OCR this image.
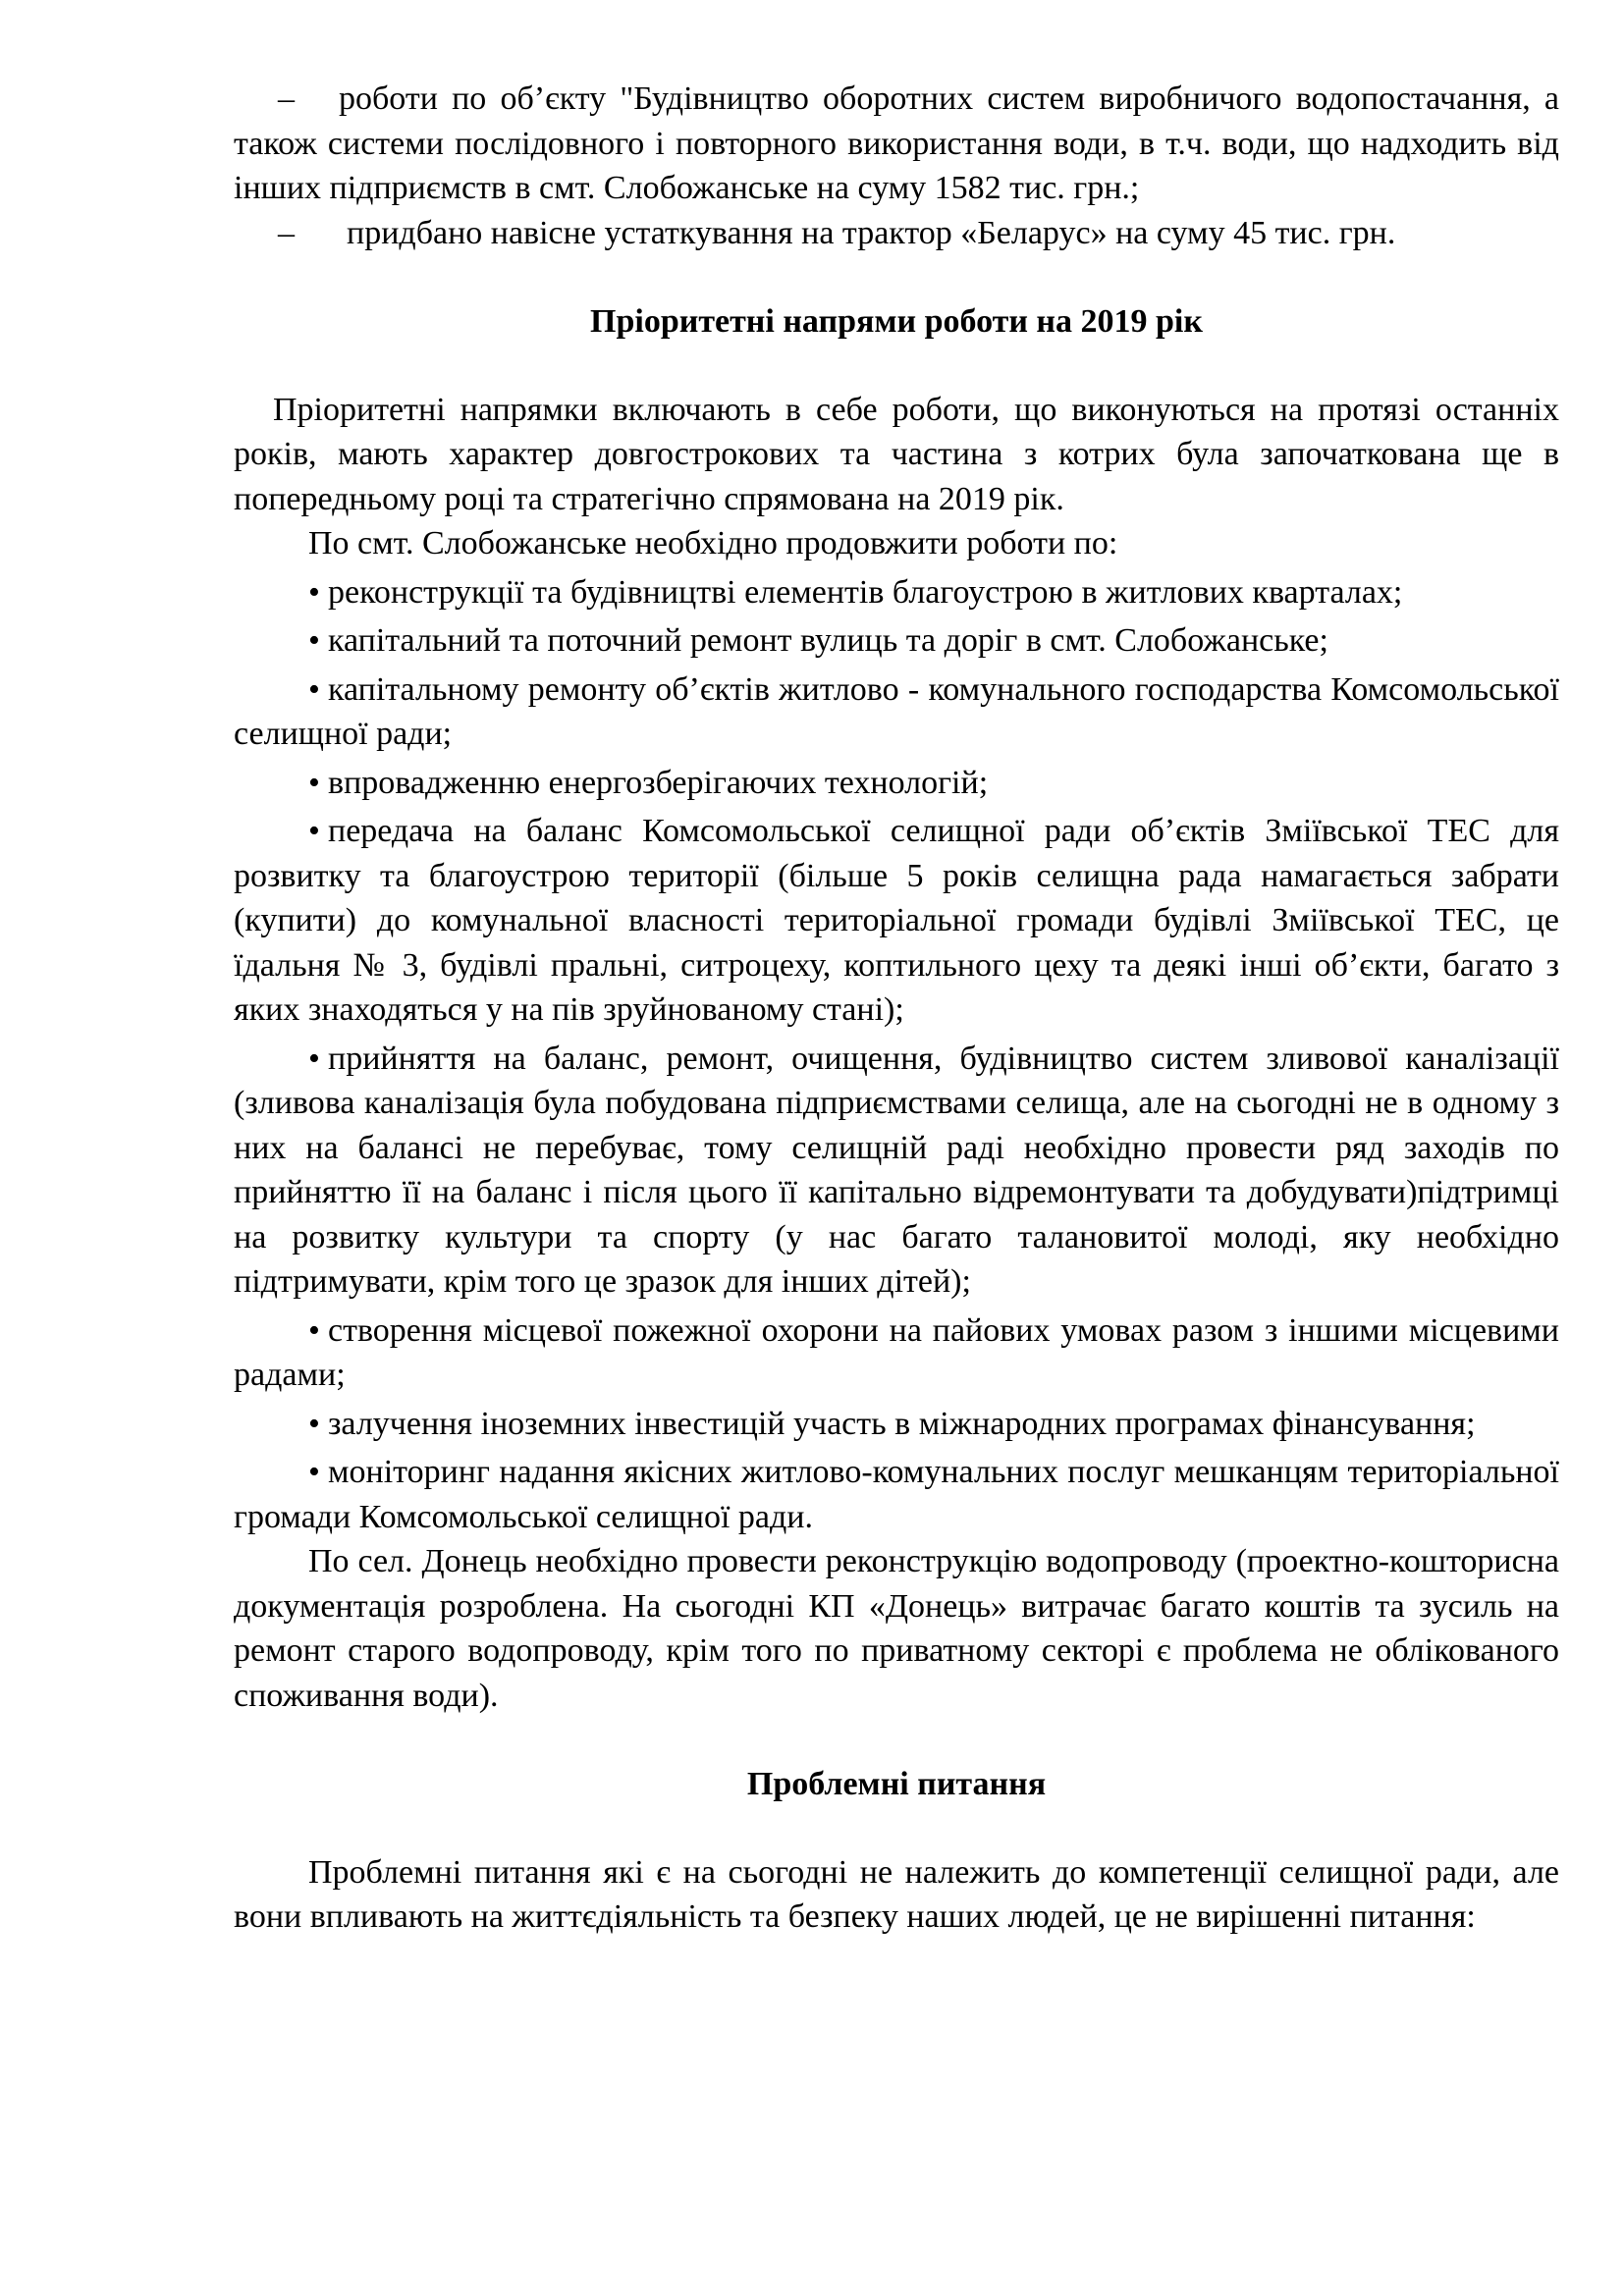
– роботи по об’єкту "Будівництво оборотних систем виробничого водопостачання, а також системи послідовного і повторного використання води, в т.ч. води, що надходить від інших підприємств в смт. Слобожанське на суму 1582 тис. грн.;

– придбано навісне устаткування на трактор «Беларус» на суму 45 тис. грн.

Пріоритетні напрями роботи на 2019 рік

Пріоритетні напрямки включають в себе роботи, що виконуються на протязі останніх років, мають характер довгострокових та частина з котрих була започаткована ще в попередньому році та стратегічно спрямована на 2019 рік.

По смт. Слобожанське необхідно продовжити роботи по:

• реконструкції та будівництві елементів благоустрою в житлових кварталах;

• капітальний та поточний ремонт вулиць та доріг в смт. Слобожанське;

• капітальному ремонту об’єктів житлово - комунального господарства Комсомольської селищної ради;

• впровадженню енергозберігаючих технологій;

• передача на баланс Комсомольської селищної ради об’єктів Зміївської ТЕС для розвитку та благоустрою території (більше 5 років селищна рада намагається забрати (купити) до комунальної власності територіальної громади будівлі Зміївської ТЕС, це їдальня № 3, будівлі пральні, ситроцеху, коптильного цеху та деякі інші об’єкти, багато з яких знаходяться у на пів зруйнованому стані);

• прийняття на баланс, ремонт, очищення, будівництво систем зливової каналізації (зливова каналізація була побудована підприємствами селища, але на сьогодні не в одному з них на балансі не перебуває, тому селищній раді необхідно провести ряд заходів по прийняттю її на баланс і після цього її капітально відремонтувати та добудувати)підтримці на розвитку культури та спорту (у нас багато талановитої молоді, яку необхідно підтримувати, крім того це зразок для інших дітей);

• створення місцевої пожежної охорони на пайових умовах разом з іншими місцевими радами;

• залучення іноземних інвестицій участь в міжнародних програмах фінансування;

• моніторинг надання якісних житлово-комунальних послуг мешканцям територіальної громади Комсомольської селищної ради.

По сел. Донець необхідно провести реконструкцію водопроводу (проектно-кошторисна документація розроблена. На сьогодні КП «Донець» витрачає багато коштів та зусиль на ремонт старого водопроводу, крім того по приватному секторі є проблема не облікованого споживання води).

Проблемні питання

Проблемні питання які є на сьогодні не належить до компетенції селищної ради, але вони впливають на життєдіяльність та безпеку наших людей, це не вирішенні питання:
